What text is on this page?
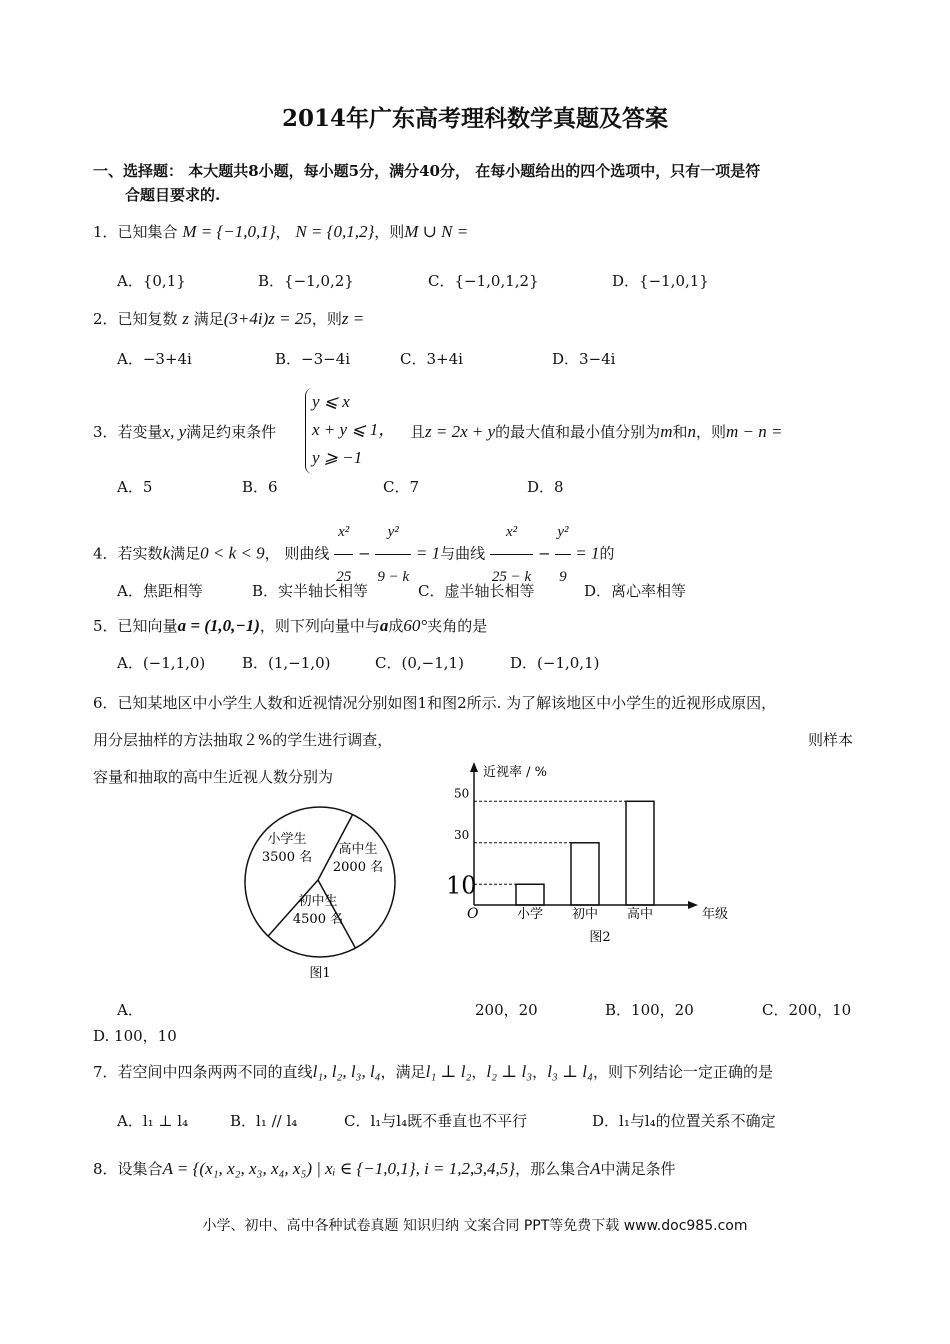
2014年广东高考理科数学真题及答案
一、选择题： 本大题共8小题，每小题5分，满分40分， 在每小题给出的四个选项中，只有一项是符
合题目要求的.
1．已知集合 M = {−1,0,1}， N = {0,1,2}，则M ∪ N =
A．{0,1}	B．{−1,0,2}	C．{−1,0,1,2}	D．{−1,0,1}
2．已知复数 z 满足(3+4i)z = 25，则z =
A．−3+4i	B．−3−4i	C．3+4i	D．3−4i
3．若变量x, y满足约束条件
y ⩽ x
x + y ⩽ 1，
y ⩾ −1
且z = 2x + y的最大值和最小值分别为m和n，则m − n =
A．5	B．6	C．7	D．8
4．若实数k满足0 < k < 9， 则曲线 $\frac{\text{x²}}{25} - \frac{\text{y²}}{9 - k} = 1$与曲线 $\frac{\text{x²}}{25 - k} - \frac{\text{y²}}{9} = 1$的
A．焦距相等	B．实半轴长相等	C．虚半轴长相等	D．离心率相等
5．已知向量a = (1,0,−1)，则下列向量中与a成60°夹角的是
A．(−1,1,0) B．(1,−1,0)	C．(0,−1,1)	D．(−1,0,1)
6．已知某地区中小学生人数和近视情况分别如图1和图2所示. 为了解该地区中小学生的近视形成原因，
用分层抽样的方法抽取２%的学生进行调查，	则样本
容量和抽取的高中生近视人数分别为
小学生
3500 名
高中生
2000 名
初中生
4500 名
图1
近视率 / %
年级
O
图2
10
小学
30
初中
50
高中
A．	200，20	B．100，20	C．200，10
D. 100，10
7．若空间中四条两两不同的直线l₁, l₂, l₃, l₄，满足l₁ ⊥ l₂，l₂ ⊥ l₃，l₃ ⊥ l₄，则下列结论一定正确的是
A．l₁ ⊥ l₄	B．l₁ // l₄	C．l₁与l₄既不垂直也不平行	D．l₁与l₄的位置关系不确定
8．设集合A = {(x₁, x₂, x₃, x₄, x₅) | xᵢ ∈ {−1,0,1}, i = 1,2,3,4,5}，那么集合A中满足条件
小学、初中、高中各种试卷真题 知识归纳 文案合同 PPT等免费下载 www.doc985.com
